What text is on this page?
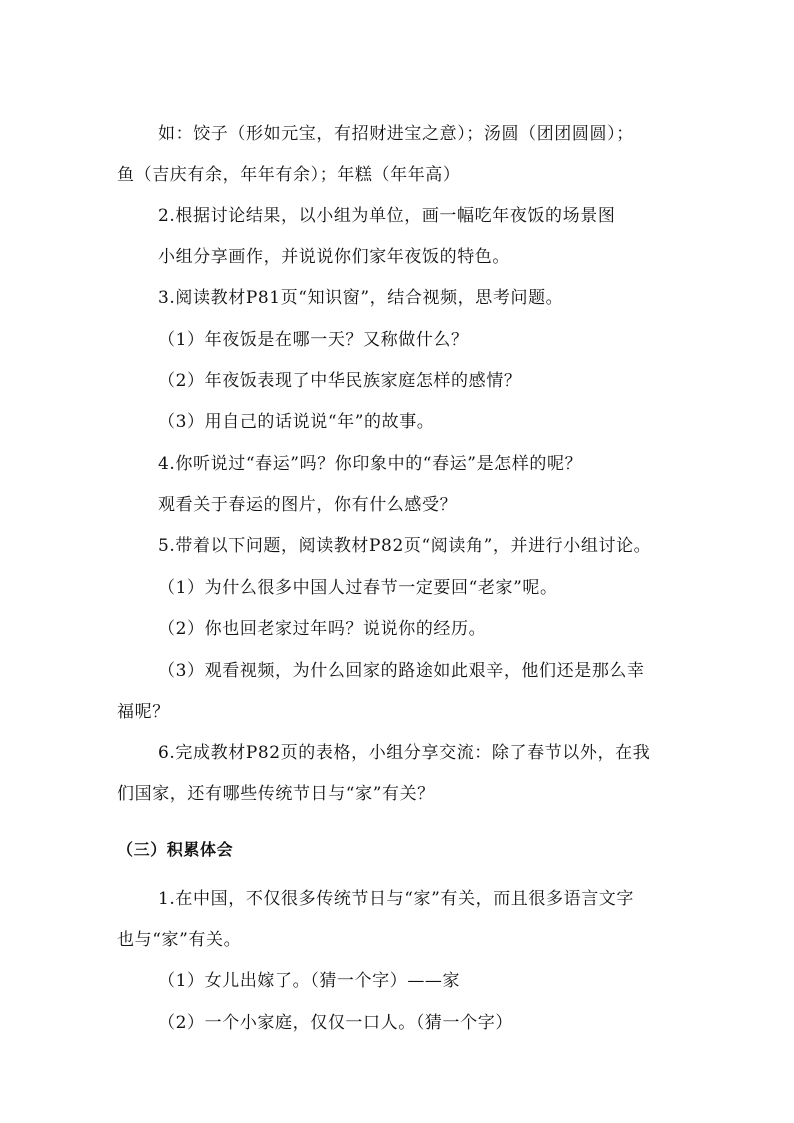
如：饺子（形如元宝，有招财进宝之意）；汤圆（团团圆圆）；

鱼（吉庆有余，年年有余）；年糕（年年高）

2.根据讨论结果，以小组为单位，画一幅吃年夜饭的场景图

小组分享画作，并说说你们家年夜饭的特色。

3.阅读教材P81页“知识窗”，结合视频，思考问题。

（1）年夜饭是在哪一天？又称做什么？

（2）年夜饭表现了中华民族家庭怎样的感情？

（3）用自己的话说说“年”的故事。

4.你听说过“春运”吗？你印象中的“春运”是怎样的呢？

观看关于春运的图片，你有什么感受？

5.带着以下问题，阅读教材P82页“阅读角”，并进行小组讨论。

（1）为什么很多中国人过春节一定要回“老家”呢。

（2）你也回老家过年吗？说说你的经历。

（3）观看视频，为什么回家的路途如此艰辛，他们还是那么幸

福呢？

6.完成教材P82页的表格，小组分享交流：除了春节以外，在我

们国家，还有哪些传统节日与“家”有关？

（三）积累体会

1.在中国，不仅很多传统节日与“家”有关，而且很多语言文字

也与“家”有关。

（1）女儿出嫁了。（猜一个字）——家

（2）一个小家庭，仅仅一口人。（猜一个字）
